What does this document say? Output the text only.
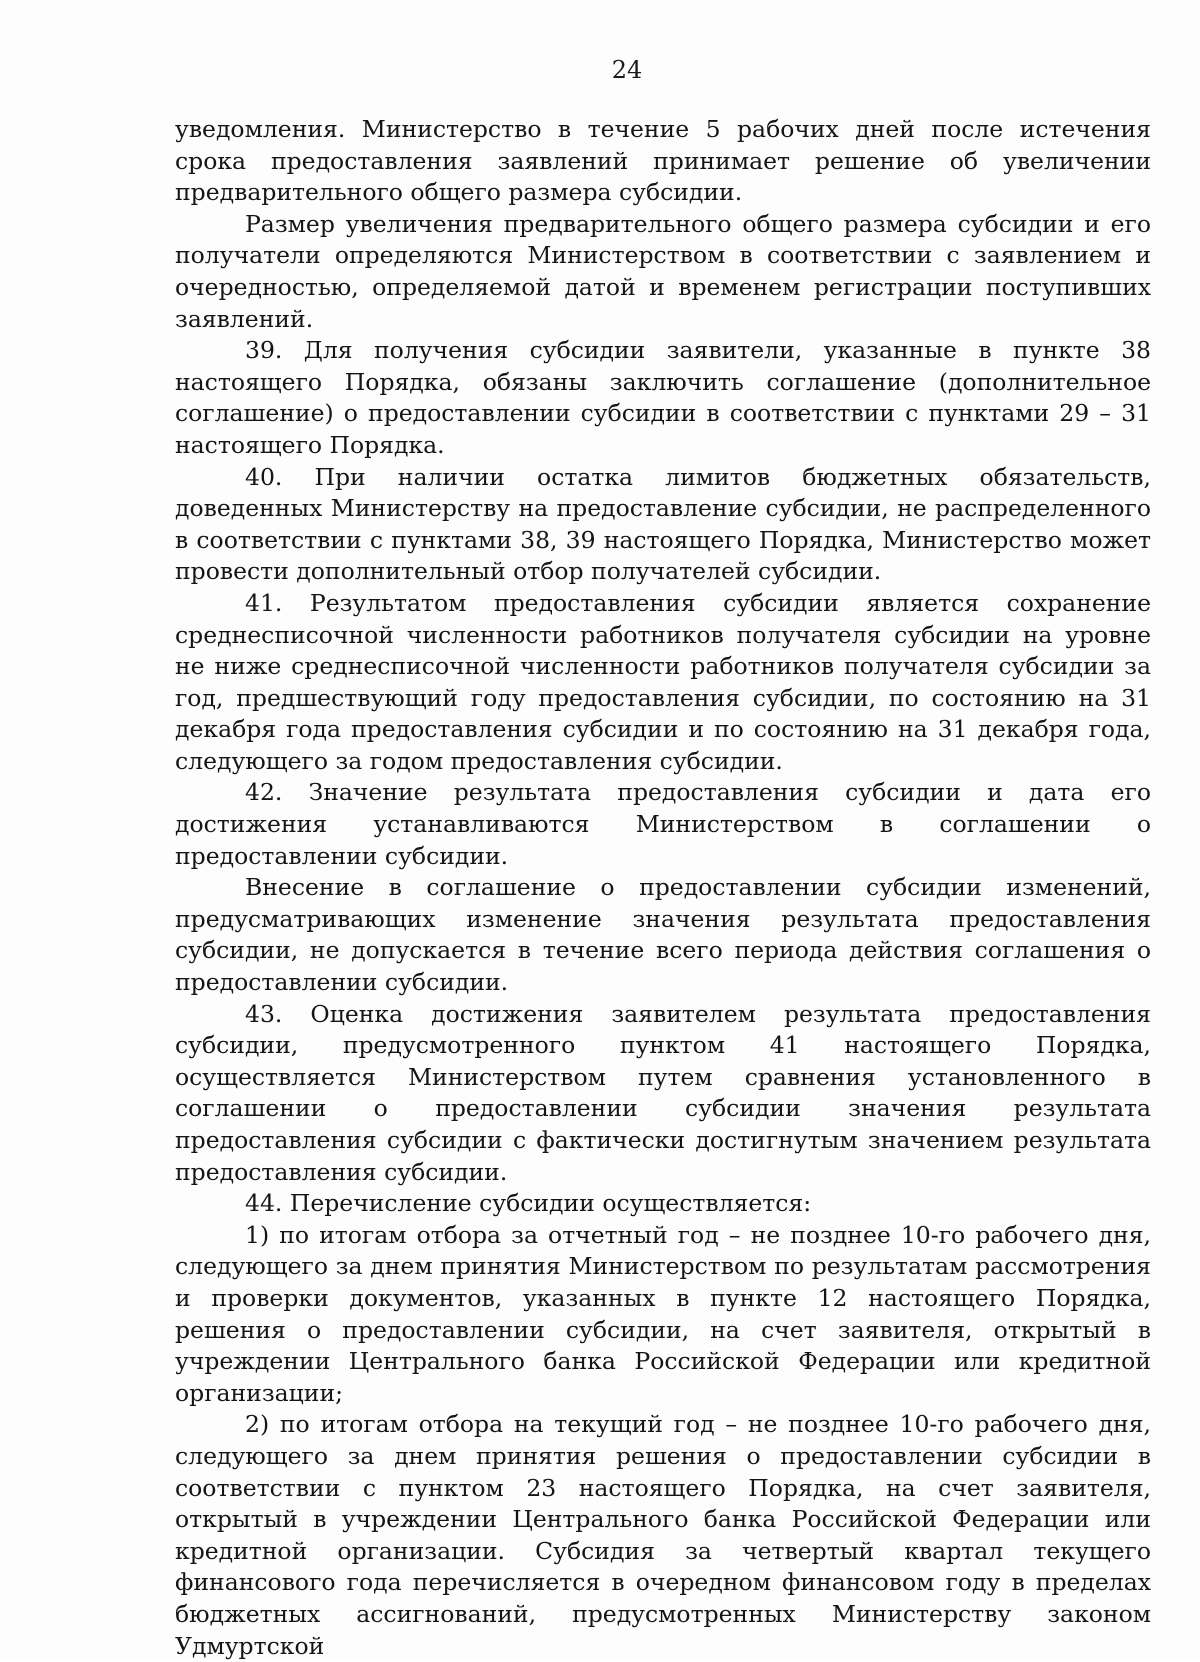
24

уведомления. Министерство в течение 5 рабочих дней после истечения срока предоставления заявлений принимает решение об увеличении предварительного общего размера субсидии.

Размер увеличения предварительного общего размера субсидии и его получатели определяются Министерством в соответствии с заявлением и очередностью, определяемой датой и временем регистрации поступивших заявлений.

39. Для получения субсидии заявители, указанные в пункте 38 настоящего Порядка, обязаны заключить соглашение (дополнительное соглашение) о предоставлении субсидии в соответствии с пунктами 29 – 31 настоящего Порядка.

40. При наличии остатка лимитов бюджетных обязательств, доведенных Министерству на предоставление субсидии, не распределенного в соответствии с пунктами 38, 39 настоящего Порядка, Министерство может провести дополнительный отбор получателей субсидии.

41. Результатом предоставления субсидии является сохранение среднесписочной численности работников получателя субсидии на уровне не ниже среднесписочной численности работников получателя субсидии за год, предшествующий году предоставления субсидии, по состоянию на 31 декабря года предоставления субсидии и по состоянию на 31 декабря года, следующего за годом предоставления субсидии.

42. Значение результата предоставления субсидии и дата его достижения устанавливаются Министерством в соглашении о предоставлении субсидии.

Внесение в соглашение о предоставлении субсидии изменений, предусматривающих изменение значения результата предоставления субсидии, не допускается в течение всего периода действия соглашения о предоставлении субсидии.

43. Оценка достижения заявителем результата предоставления субсидии, предусмотренного пунктом 41 настоящего Порядка, осуществляется Министерством путем сравнения установленного в соглашении о предоставлении субсидии значения результата предоставления субсидии с фактически достигнутым значением результата предоставления субсидии.

44. Перечисление субсидии осуществляется:

1) по итогам отбора за отчетный год – не позднее 10-го рабочего дня, следующего за днем принятия Министерством по результатам рассмотрения и проверки документов, указанных в пункте 12 настоящего Порядка, решения о предоставлении субсидии, на счет заявителя, открытый в учреждении Центрального банка Российской Федерации или кредитной организации;

2) по итогам отбора на текущий год – не позднее 10-го рабочего дня, следующего за днем принятия решения о предоставлении субсидии в соответствии с пунктом 23 настоящего Порядка, на счет заявителя, открытый в учреждении Центрального банка Российской Федерации или кредитной организации. Субсидия за четвертый квартал текущего финансового года перечисляется в очередном финансовом году в пределах бюджетных ассигнований, предусмотренных Министерству законом Удмуртской
